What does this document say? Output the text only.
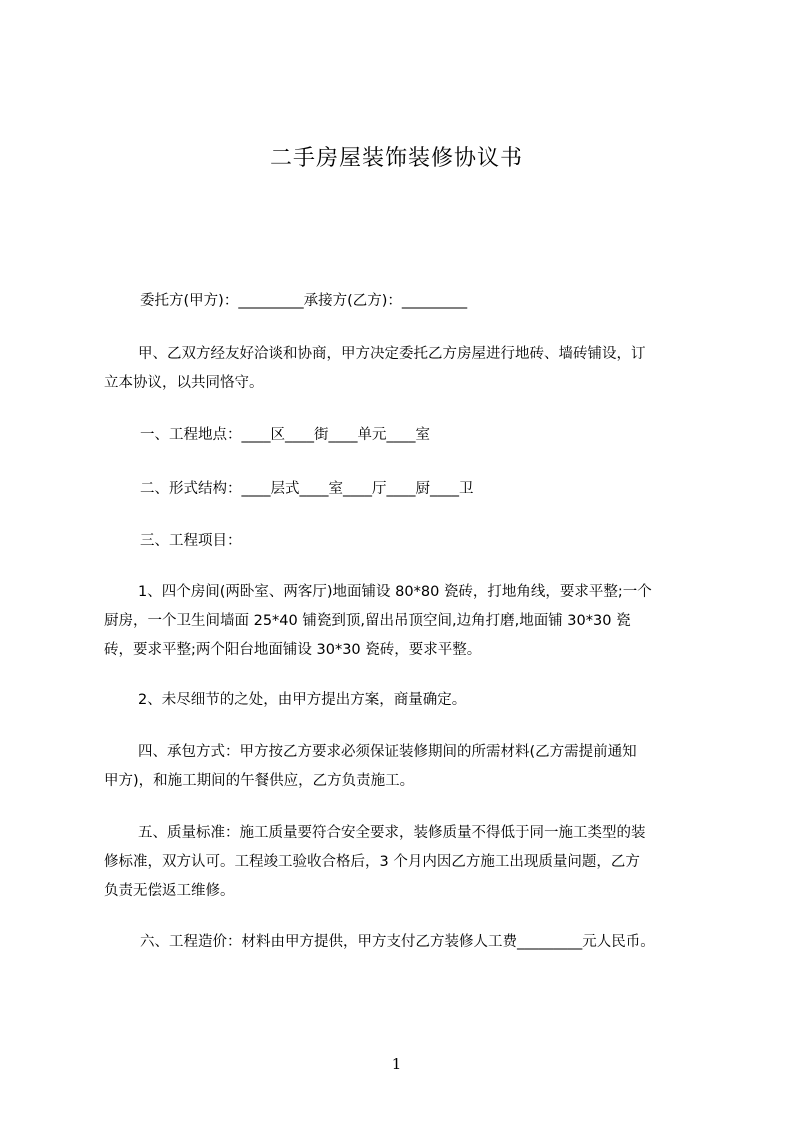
二手房屋装饰装修协议书

委托方(甲方)：_________承接方(乙方)：_________

甲、乙双方经友好洽谈和协商，甲方决定委托乙方房屋进行地砖、墙砖铺设，订
立本协议，以共同恪守。

一、工程地点：____区____街____单元____室

二、形式结构：____层式____室____厅____厨____卫

三、工程项目：

1、四个房间(两卧室、两客厅)地面铺设 80*80 瓷砖，打地角线，要求平整;一个
厨房，一个卫生间墙面 25*40 铺瓷到顶,留出吊顶空间,边角打磨,地面铺 30*30 瓷
砖，要求平整;两个阳台地面铺设 30*30 瓷砖，要求平整。

2、未尽细节的之处，由甲方提出方案，商量确定。

四、承包方式：甲方按乙方要求必须保证装修期间的所需材料(乙方需提前通知
甲方)，和施工期间的午餐供应，乙方负责施工。
五、质量标准：施工质量要符合安全要求，装修质量不得低于同一施工类型的装
修标准，双方认可。工程竣工验收合格后，3 个月内因乙方施工出现质量问题，乙方
负责无偿返工维修。

六、工程造价：材料由甲方提供，甲方支付乙方装修人工费_________元人民币。

1
